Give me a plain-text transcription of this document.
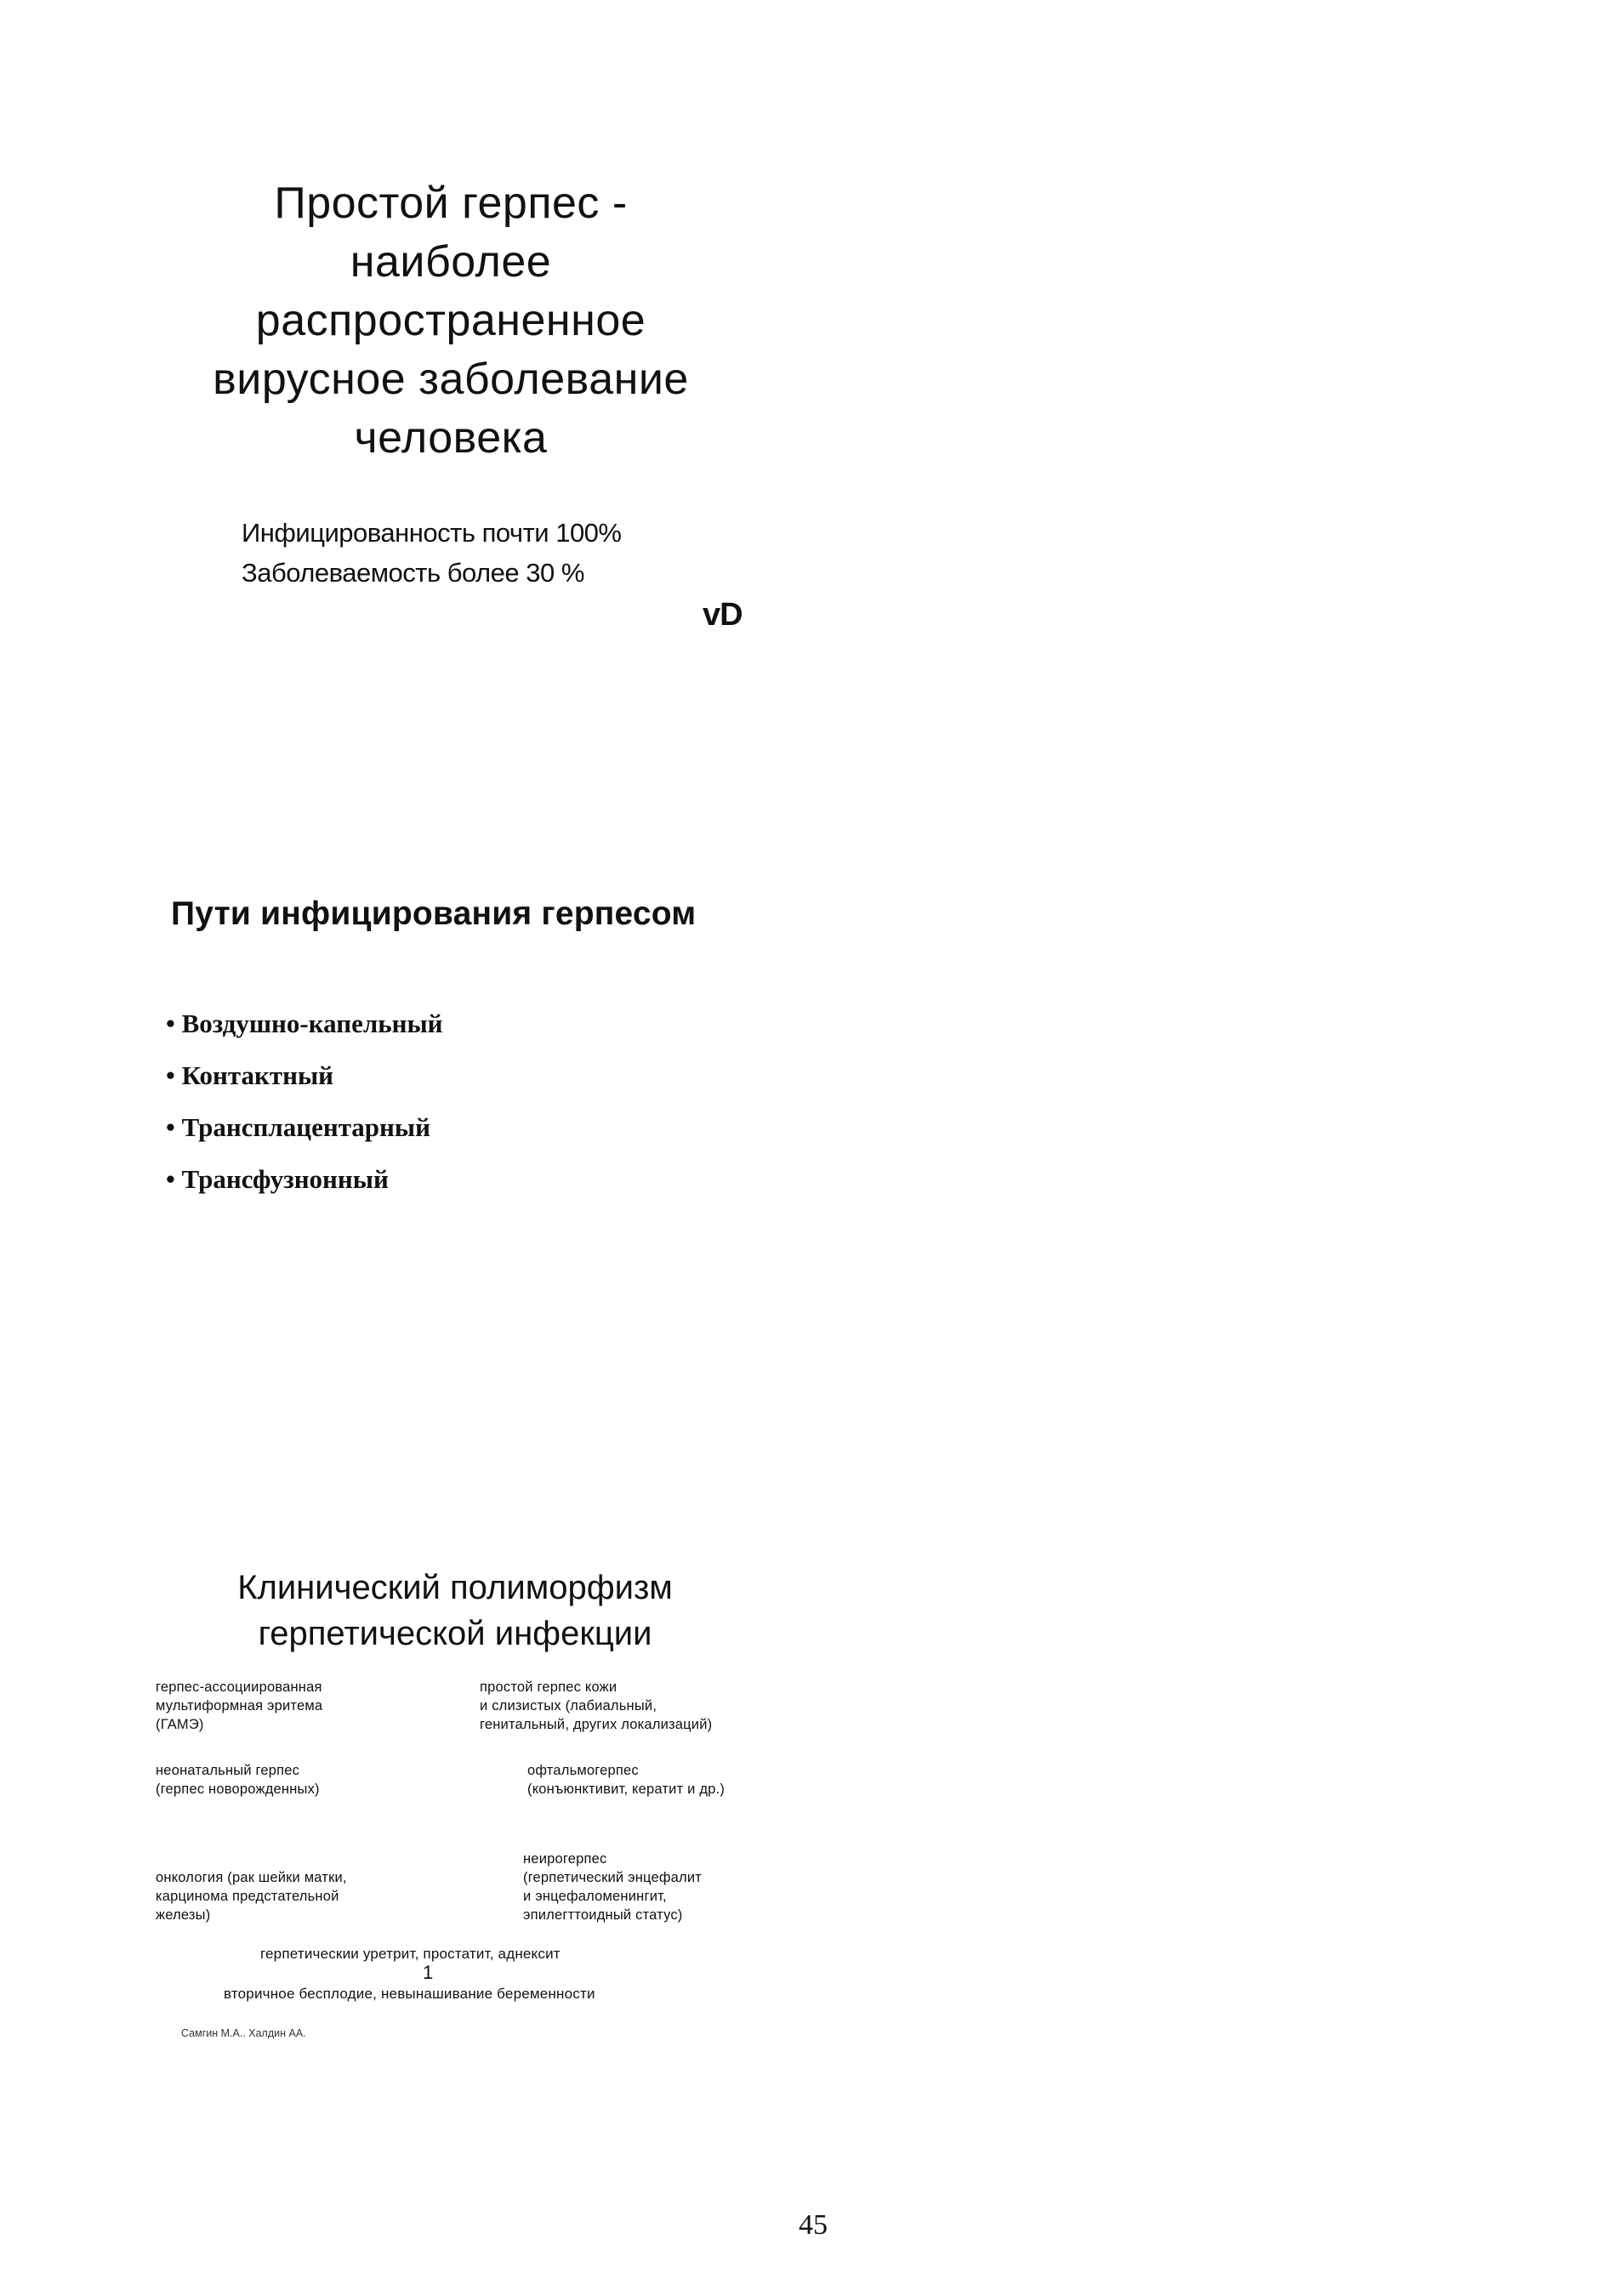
Простой герпес -
наиболее
распространенное
вирусное заболевание
человека
Инфицированность почти 100%
Заболеваемость более 30 %
vD
Пути инфицирования герпесом
• Воздушно-капельный
• Контактный
• Трансплацентарный
• Трансфузнонный
Клинический полиморфизм
герпетической инфекции
герпес-ассоциированная
мультиформная эритема
(ГАМЭ)
простой герпес кожи
и слизистых (лабиальный,
генитальный, других локализаций)
неонатальный герпес
(герпес новорожденных)
офтальмогерпес
(конъюнктивит, кератит и др.)
онкология (рак шейки матки,
карцинома предстательной
железы)
неирогерпес
(герпетический энцефалит
и энцефаломенингит,
эпилегттоидный статус)
герпетическии уретрит, простатит, аднексит
1
вторичное бесплодие, невынашивание беременности
Самгин М.А.. Халдин АА.
45
